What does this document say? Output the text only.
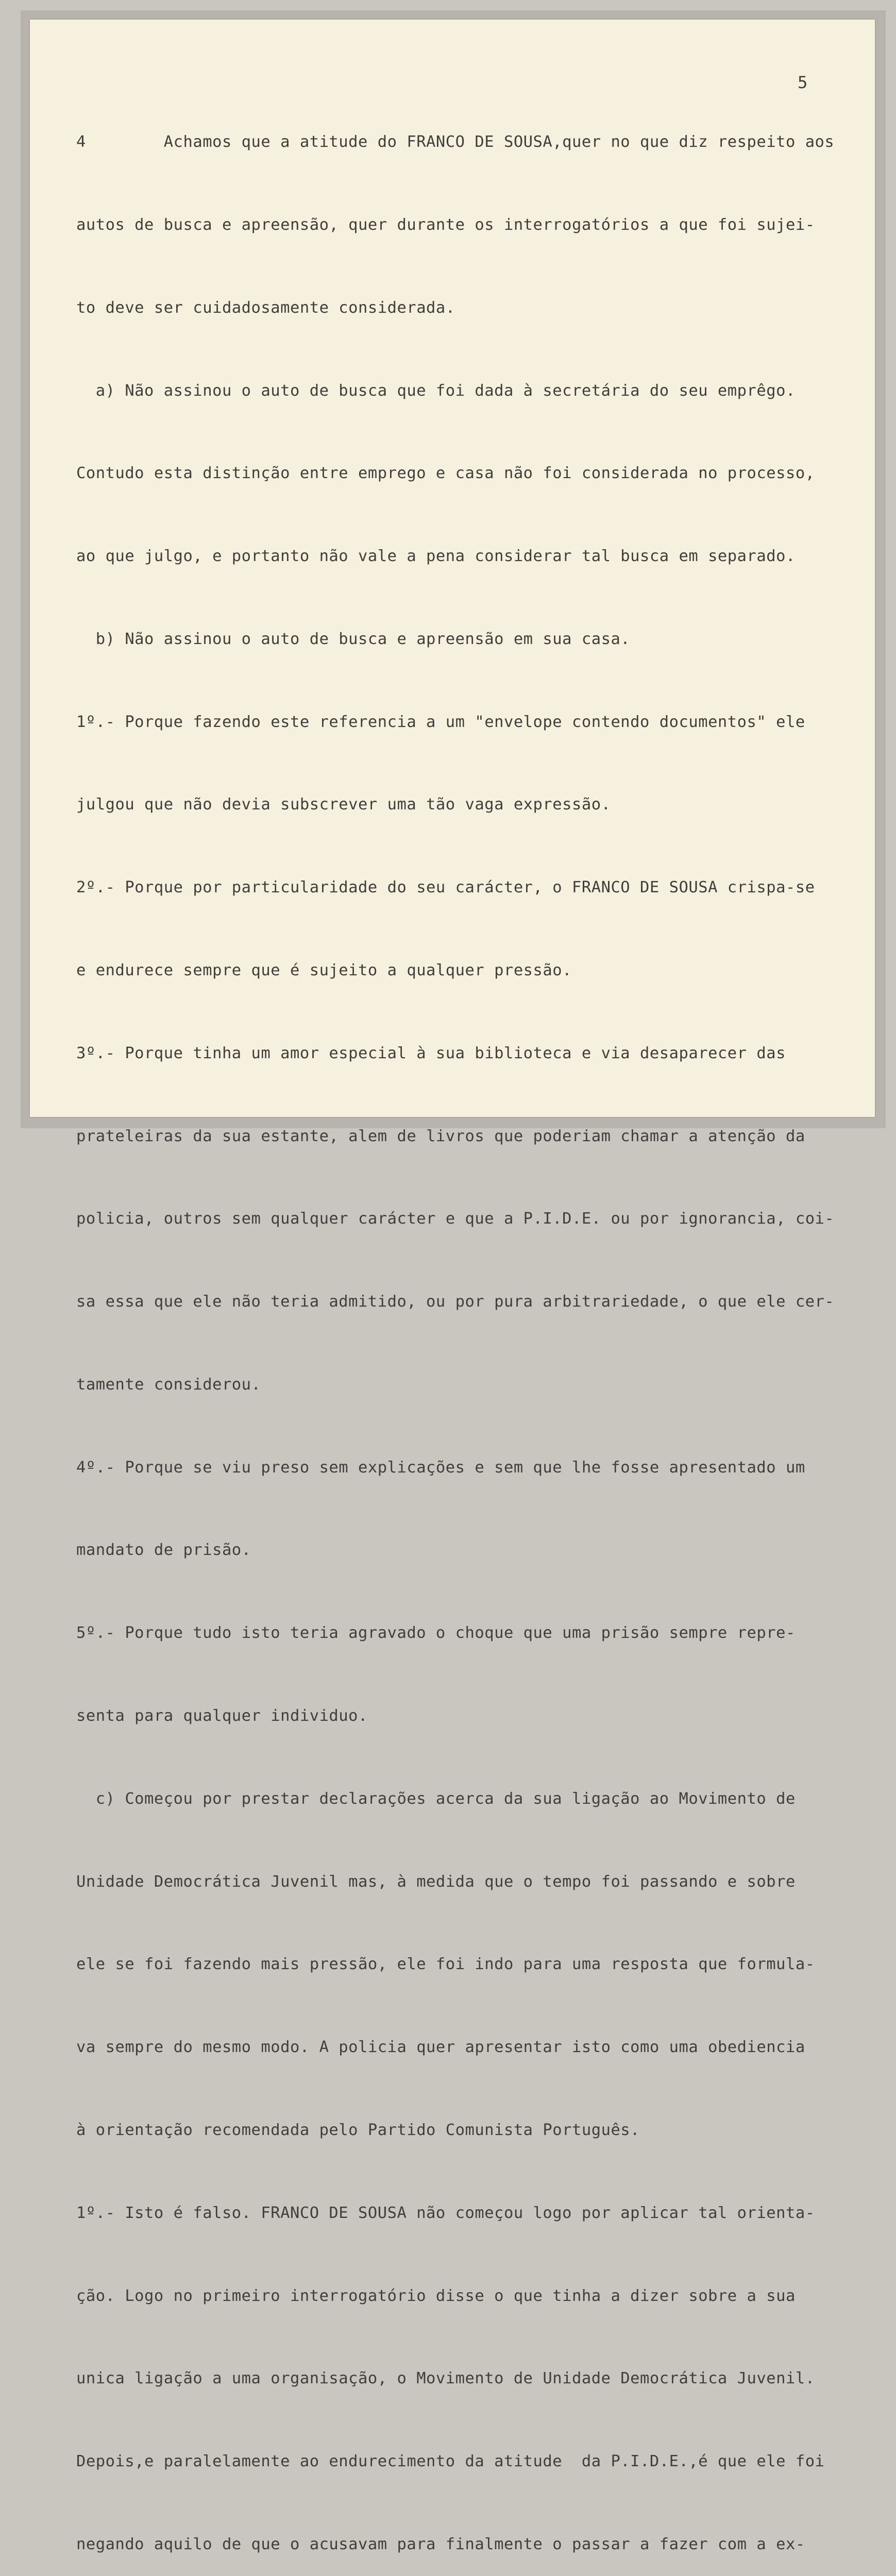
5

4        Achamos que a atitude do FRANCO DE SOUSA,quer no que diz respeito aos

autos de busca e apreensão, quer durante os interrogatórios a que foi sujei-

to deve ser cuidadosamente considerada.

a) Não assinou o auto de busca que foi dada à secretária do seu emprêgo.

Contudo esta distinção entre emprego e casa não foi considerada no processo,

ao que julgo, e portanto não vale a pena considerar tal busca em separado.

b) Não assinou o auto de busca e apreensão em sua casa.

1º.- Porque fazendo este referencia a um "envelope contendo documentos" ele

julgou que não devia subscrever uma tão vaga expressão.

2º.- Porque por particularidade do seu carácter, o FRANCO DE SOUSA crispa-se

e endurece sempre que é sujeito a qualquer pressão.

3º.- Porque tinha um amor especial à sua biblioteca e via desaparecer das

prateleiras da sua estante, alem de livros que poderiam chamar a atenção da

policia, outros sem qualquer carácter e que a P.I.D.E. ou por ignorancia, coi-

sa essa que ele não teria admitido, ou por pura arbitrariedade, o que ele cer-

tamente considerou.

4º.- Porque se viu preso sem explicações e sem que lhe fosse apresentado um

mandato de prisão.

5º.- Porque tudo isto teria agravado o choque que uma prisão sempre repre-

senta para qualquer individuo.

c) Começou por prestar declarações acerca da sua ligação ao Movimento de

Unidade Democrática Juvenil mas, à medida que o tempo foi passando e sobre

ele se foi fazendo mais pressão, ele foi indo para uma resposta que formula-

va sempre do mesmo modo. A policia quer apresentar isto como uma obediencia

à orientação recomendada pelo Partido Comunista Português.

1º.- Isto é falso. FRANCO DE SOUSA não começou logo por aplicar tal orienta-

ção. Logo no primeiro interrogatório disse o que tinha a dizer sobre a sua

unica ligação a uma organisação, o Movimento de Unidade Democrática Juvenil.

Depois,e paralelamente ao endurecimento da atitude  da P.I.D.E.,é que ele foi

negando aquilo de que o acusavam para finalmente o passar a fazer com a ex-
